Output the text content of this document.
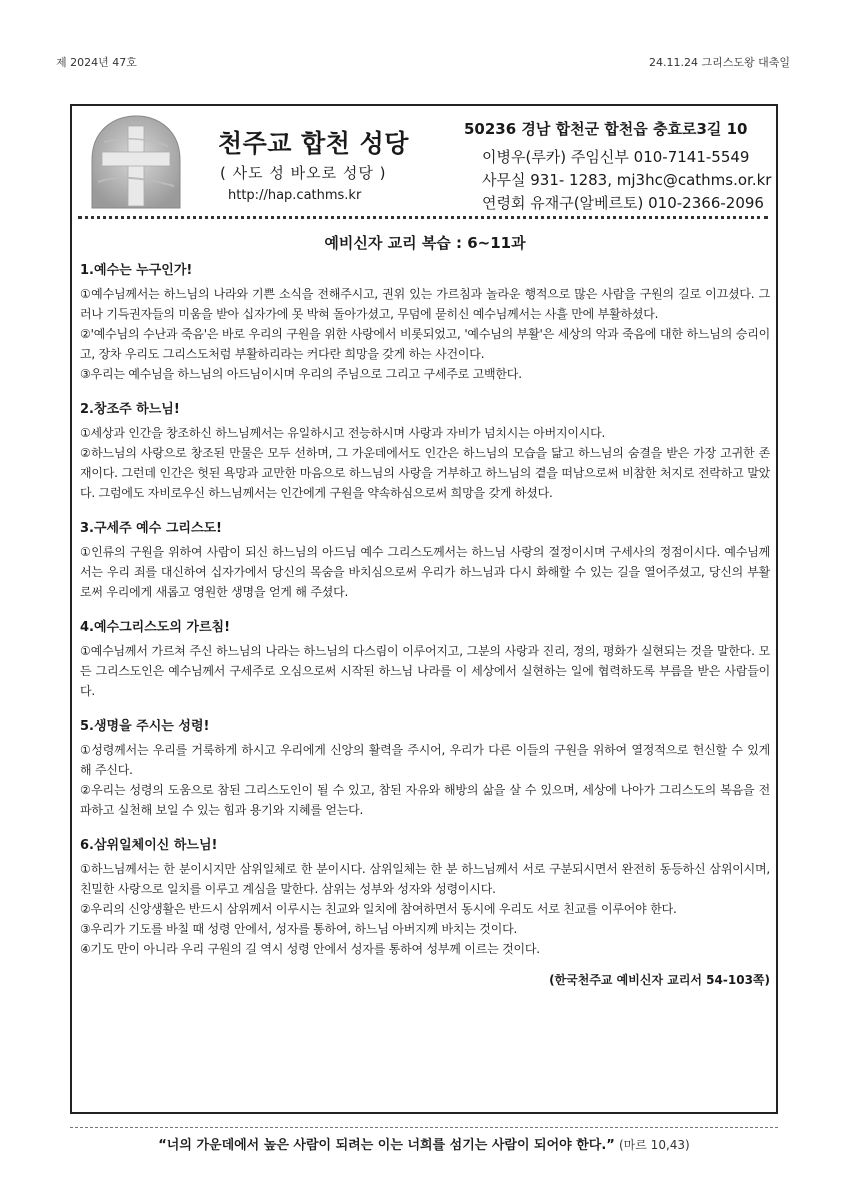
제 2024년 47호	24.11.24 그리스도왕 대축일
천주교 합천 성당
( 사도 성 바오로 성당 )
http://hap.cathms.kr
50236 경남 합천군 합천읍 충효로3길 10
이병우(루카) 주임신부 010-7141-5549
사무실 931- 1283, mj3hc@cathms.or.kr
연령회 유재구(알베르토) 010-2366-2096
예비신자 교리 복습 : 6~11과
1.예수는 누구인가!

①예수님께서는 하느님의 나라와 기쁜 소식을 전해주시고, 권위 있는 가르침과 놀라운 행적으로 많은 사람을 구원의 길로 이끄셨다. 그러나 기득권자들의 미움을 받아 십자가에 못 박혀 돌아가셨고, 무덤에 묻히신 예수님께서는 사흘 만에 부활하셨다.

②'예수님의 수난과 죽음'은 바로 우리의 구원을 위한 사랑에서 비롯되었고, '예수님의 부활'은 세상의 악과 죽음에 대한 하느님의 승리이고, 장차 우리도 그리스도처럼 부활하리라는 커다란 희망을 갖게 하는 사건이다.

③우리는 예수님을 하느님의 아드님이시며 우리의 주님으로 그리고 구세주로 고백한다.

2.창조주 하느님!

①세상과 인간을 창조하신 하느님께서는 유일하시고 전능하시며 사랑과 자비가 넘치시는 아버지이시다.

②하느님의 사랑으로 창조된 만물은 모두 선하며, 그 가운데에서도 인간은 하느님의 모습을 닮고 하느님의 숨결을 받은 가장 고귀한 존재이다. 그런데 인간은 헛된 욕망과 교만한 마음으로 하느님의 사랑을 거부하고 하느님의 곁을 떠남으로써 비참한 처지로 전락하고 말았다. 그럼에도 자비로우신 하느님께서는 인간에게 구원을 약속하심으로써 희망을 갖게 하셨다.

3.구세주 예수 그리스도!

①인류의 구원을 위하여 사람이 되신 하느님의 아드님 예수 그리스도께서는 하느님 사랑의 절정이시며 구세사의 정점이시다. 예수님께서는 우리 죄를 대신하여 십자가에서 당신의 목숨을 바치심으로써 우리가 하느님과 다시 화해할 수 있는 길을 열어주셨고, 당신의 부활로써 우리에게 새롭고 영원한 생명을 얻게 해 주셨다.

4.예수그리스도의 가르침!

①예수님께서 가르쳐 주신 하느님의 나라는 하느님의 다스림이 이루어지고, 그분의 사랑과 진리, 정의, 평화가 실현되는 것을 말한다. 모든 그리스도인은 예수님께서 구세주로 오심으로써 시작된 하느님 나라를 이 세상에서 실현하는 일에 협력하도록 부름을 받은 사람들이다.

5.생명을 주시는 성령!

①성령께서는 우리를 거룩하게 하시고 우리에게 신앙의 활력을 주시어, 우리가 다른 이들의 구원을 위하여 열정적으로 헌신할 수 있게 해 주신다.

②우리는 성령의 도움으로 참된 그리스도인이 될 수 있고, 참된 자유와 해방의 삶을 살 수 있으며, 세상에 나아가 그리스도의 복음을 전파하고 실천해 보일 수 있는 힘과 용기와 지혜를 얻는다.

6.삼위일체이신 하느님!

①하느님께서는 한 분이시지만 삼위일체로 한 분이시다. 삼위일체는 한 분 하느님께서 서로 구분되시면서 완전히 동등하신 삼위이시며, 친밀한 사랑으로 일치를 이루고 계심을 말한다. 삼위는 성부와 성자와 성령이시다.

②우리의 신앙생활은 반드시 삼위께서 이루시는 친교와 일치에 참여하면서 동시에 우리도 서로 친교를 이루어야 한다.

③우리가 기도를 바칠 때 성령 안에서, 성자를 통하여, 하느님 아버지께 바치는 것이다.

④기도 만이 아니라 우리 구원의 길 역시 성령 안에서 성자를 통하여 성부께 이르는 것이다.

(한국천주교 예비신자 교리서 54-103쪽)
“너의 가운데에서 높은 사람이 되려는 이는 너희를 섬기는 사람이 되어야 한다.” (마르 10,43)
